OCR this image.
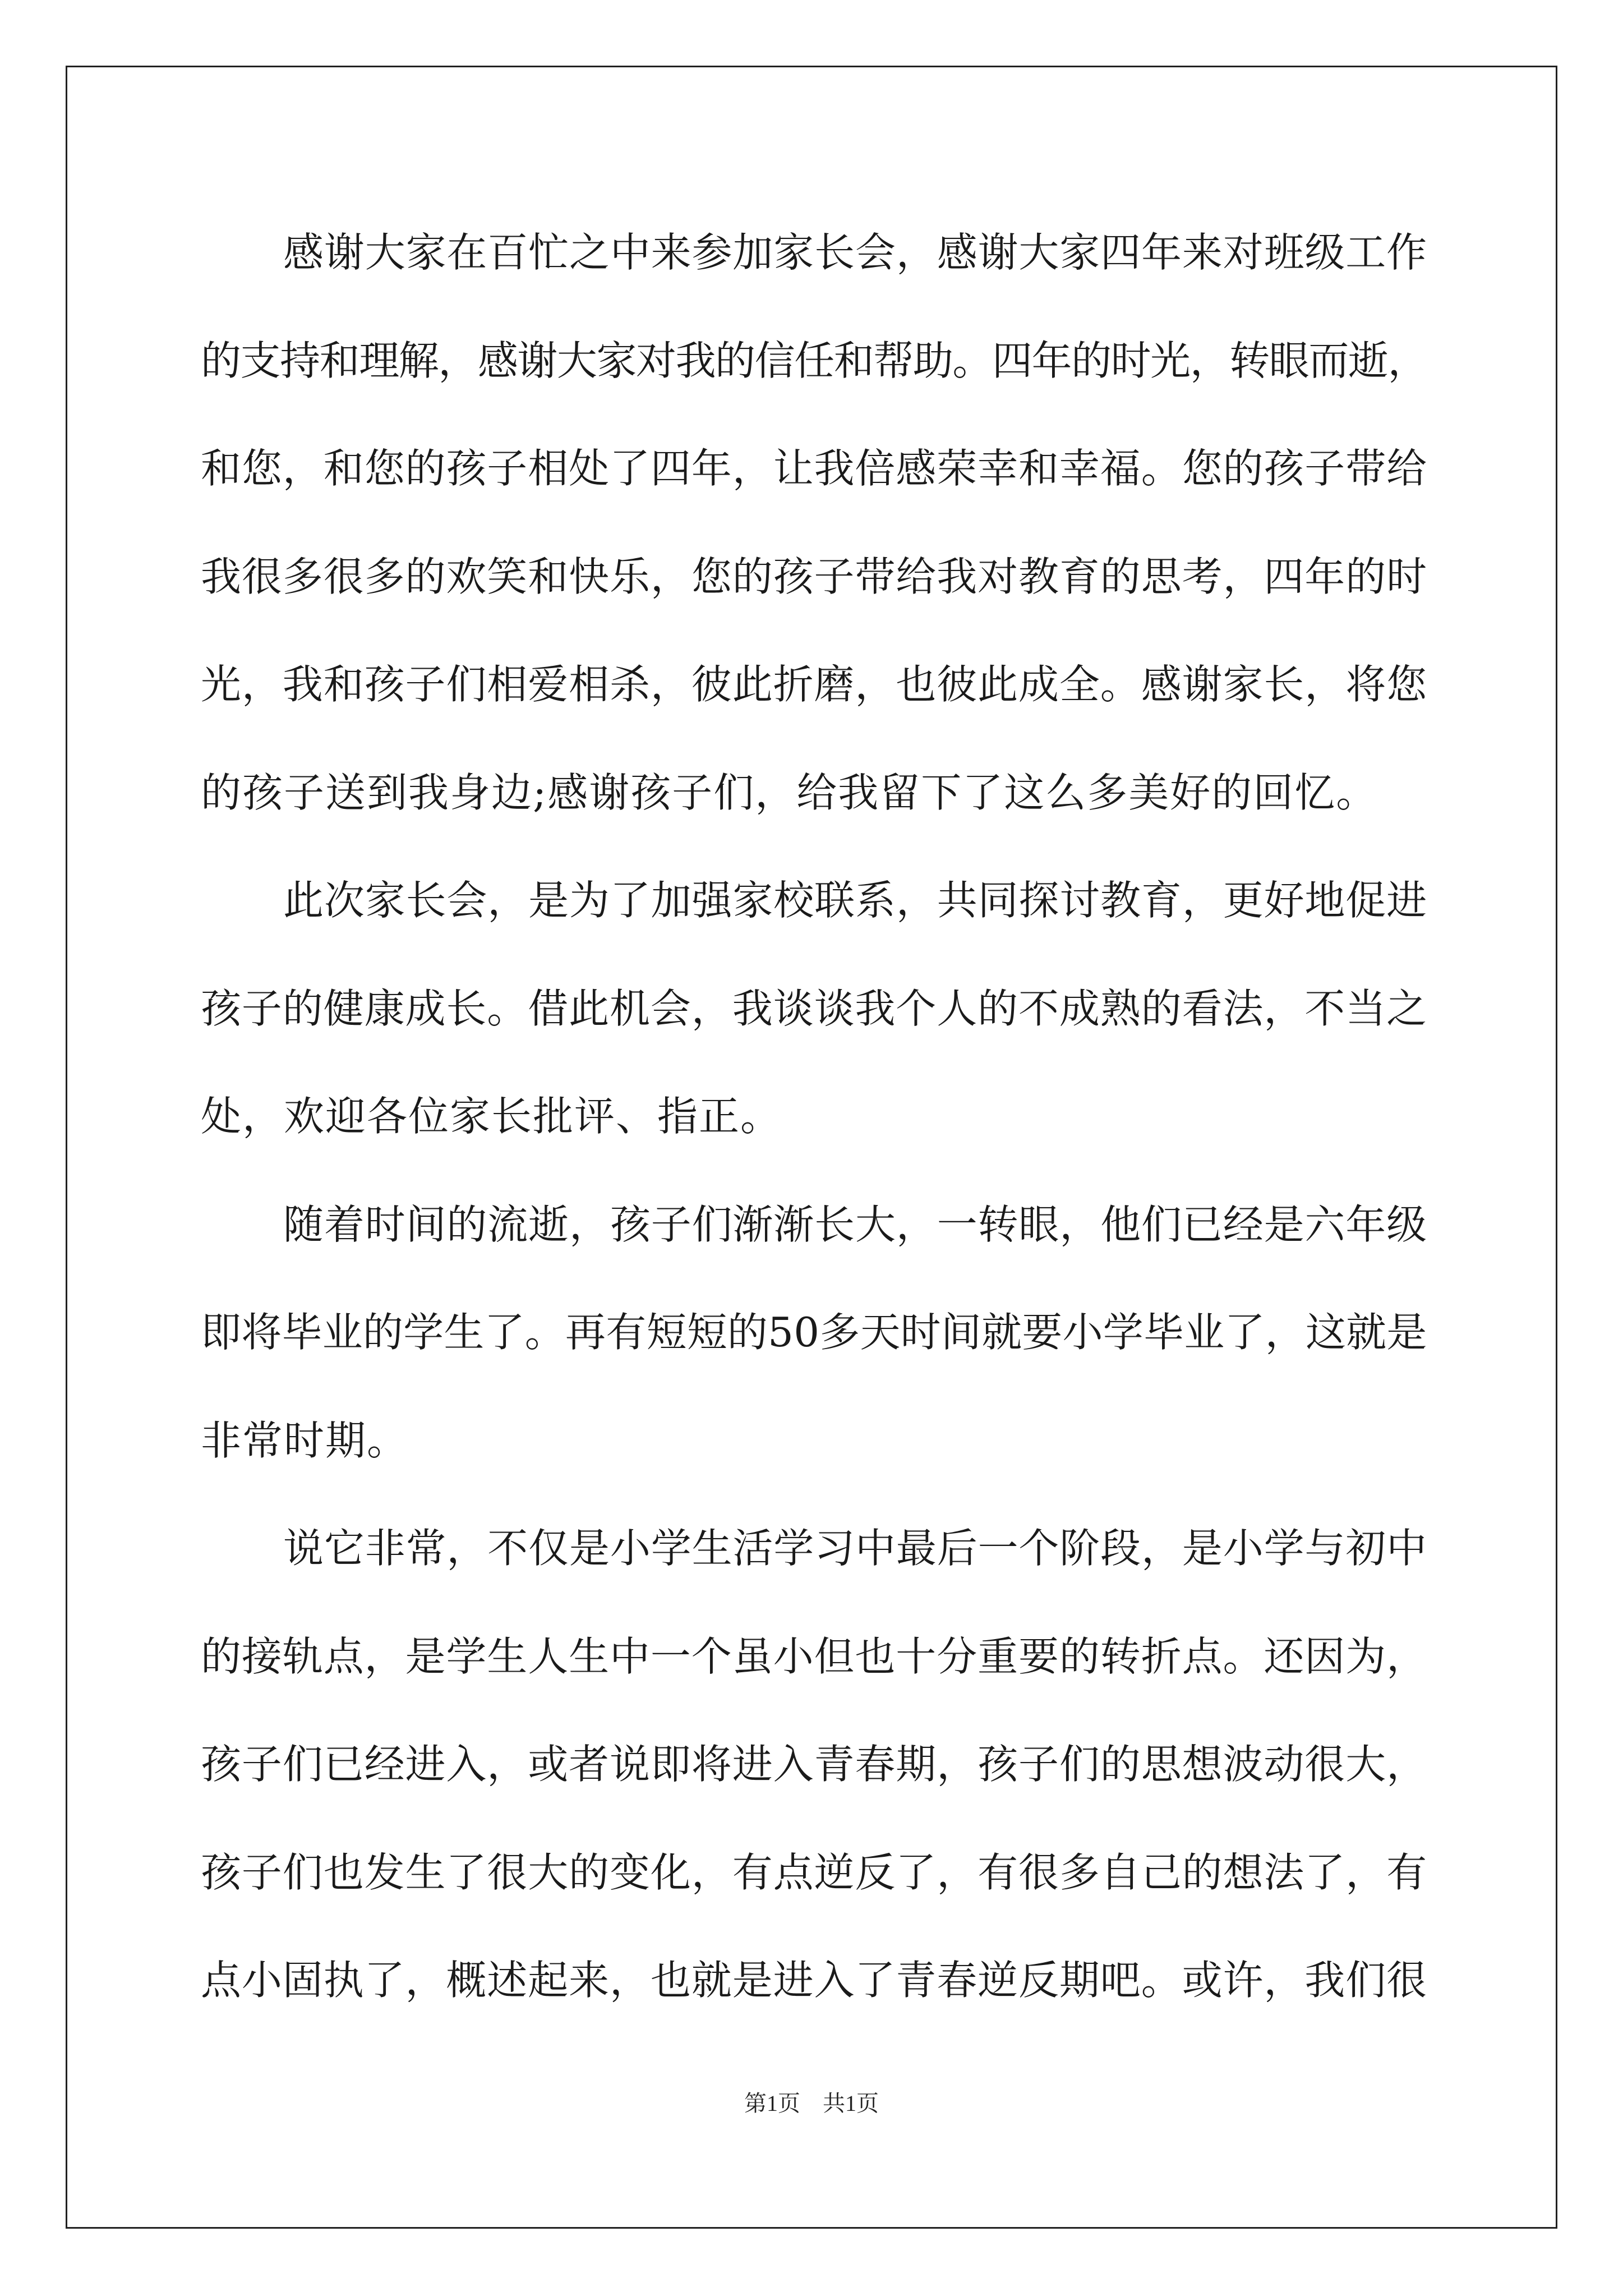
感谢大家在百忙之中来参加家长会，感谢大家四年来对班级工作
的支持和理解，感谢大家对我的信任和帮助。四年的时光，转眼而逝，
和您，和您的孩子相处了四年，让我倍感荣幸和幸福。您的孩子带给
我很多很多的欢笑和快乐，您的孩子带给我对教育的思考，四年的时
光，我和孩子们相爱相杀，彼此折磨，也彼此成全。感谢家长，将您
的孩子送到我身边;感谢孩子们，给我留下了这么多美好的回忆。
此次家长会，是为了加强家校联系，共同探讨教育，更好地促进
孩子的健康成长。借此机会，我谈谈我个人的不成熟的看法，不当之
处，欢迎各位家长批评、指正。
随着时间的流逝，孩子们渐渐长大，一转眼，他们已经是六年级
即将毕业的学生了。再有短短的50多天时间就要小学毕业了，这就是
非常时期。
说它非常，不仅是小学生活学习中最后一个阶段，是小学与初中
的接轨点，是学生人生中一个虽小但也十分重要的转折点。还因为，
孩子们已经进入，或者说即将进入青春期，孩子们的思想波动很大，
孩子们也发生了很大的变化，有点逆反了，有很多自己的想法了，有
点小固执了，概述起来，也就是进入了青春逆反期吧。或许，我们很
第1页　共1页
